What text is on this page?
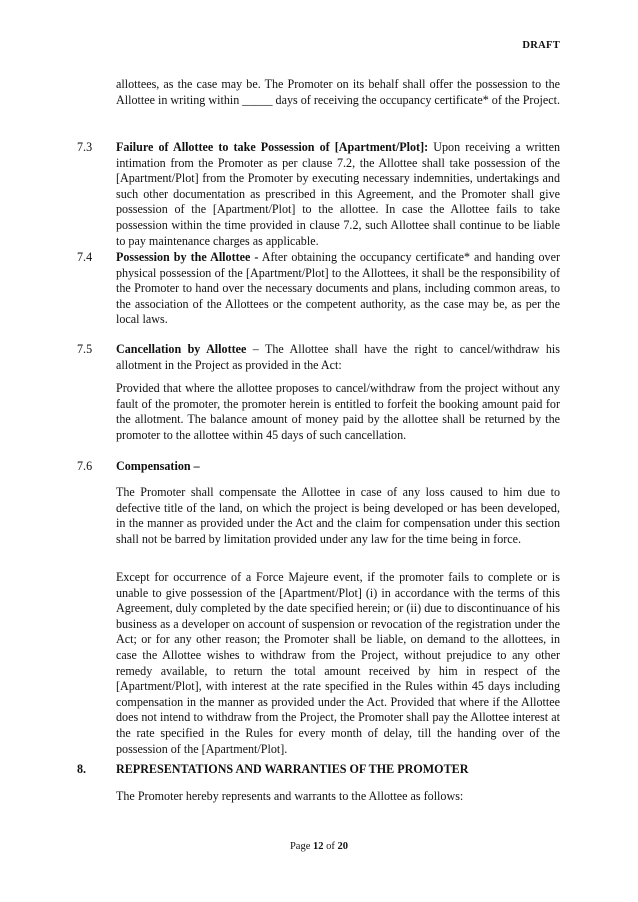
DRAFT
allottees, as the case may be. The Promoter on its behalf shall offer the possession to the Allottee in writing within _____ days of receiving the occupancy certificate* of the Project.
7.3 Failure of Allottee to take Possession of [Apartment/Plot]: Upon receiving a written intimation from the Promoter as per clause 7.2, the Allottee shall take possession of the [Apartment/Plot] from the Promoter by executing necessary indemnities, undertakings and such other documentation as prescribed in this Agreement, and the Promoter shall give possession of the [Apartment/Plot] to the allottee. In case the Allottee fails to take possession within the time provided in clause 7.2, such Allottee shall continue to be liable to pay maintenance charges as applicable.
7.4 Possession by the Allottee - After obtaining the occupancy certificate* and handing over physical possession of the [Apartment/Plot] to the Allottees, it shall be the responsibility of the Promoter to hand over the necessary documents and plans, including common areas, to the association of the Allottees or the competent authority, as the case may be, as per the local laws.
7.5 Cancellation by Allottee – The Allottee shall have the right to cancel/withdraw his allotment in the Project as provided in the Act:
Provided that where the allottee proposes to cancel/withdraw from the project without any fault of the promoter, the promoter herein is entitled to forfeit the booking amount paid for the allotment. The balance amount of money paid by the allottee shall be returned by the promoter to the allottee within 45 days of such cancellation.
7.6 Compensation –
The Promoter shall compensate the Allottee in case of any loss caused to him due to defective title of the land, on which the project is being developed or has been developed, in the manner as provided under the Act and the claim for compensation under this section shall not be barred by limitation provided under any law for the time being in force.
Except for occurrence of a Force Majeure event, if the promoter fails to complete or is unable to give possession of the [Apartment/Plot] (i) in accordance with the terms of this Agreement, duly completed by the date specified herein; or (ii) due to discontinuance of his business as a developer on account of suspension or revocation of the registration under the Act; or for any other reason; the Promoter shall be liable, on demand to the allottees, in case the Allottee wishes to withdraw from the Project, without prejudice to any other remedy available, to return the total amount received by him in respect of the [Apartment/Plot], with interest at the rate specified in the Rules within 45 days including compensation in the manner as provided under the Act. Provided that where if the Allottee does not intend to withdraw from the Project, the Promoter shall pay the Allottee interest at the rate specified in the Rules for every month of delay, till the handing over of the possession of the [Apartment/Plot].
8. REPRESENTATIONS AND WARRANTIES OF THE PROMOTER
The Promoter hereby represents and warrants to the Allottee as follows:
Page 12 of 20
